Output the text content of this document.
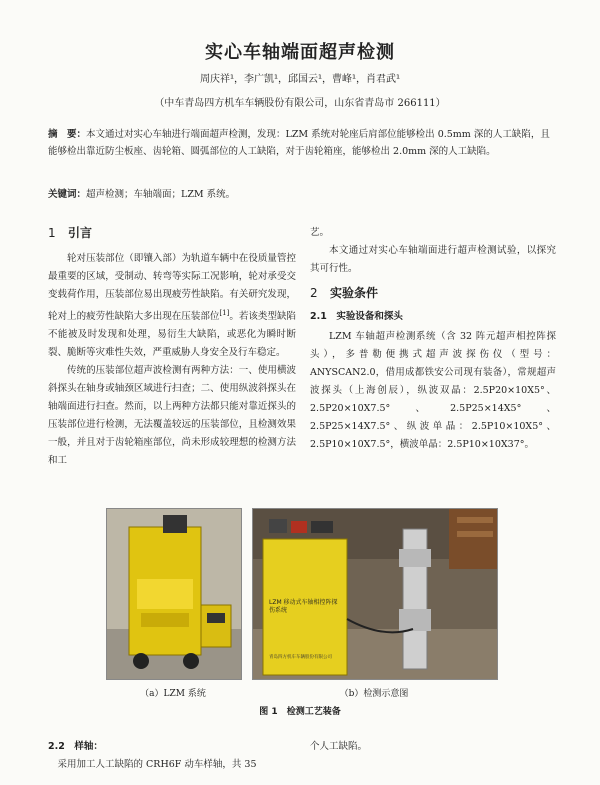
实心车轴端面超声检测
周庆祥¹，李广凯¹，邱国云¹，曹峰¹，肖君武¹
（中车青岛四方机车车辆股份有限公司，山东省青岛市 266111）
摘　要：本文通过对实心车轴进行端面超声检测，发现：LZM 系统对轮座后肩部位能够检出 0.5mm 深的人工缺陷，且能够检出靠近防尘板座、齿轮箱、圆弧部位的人工缺陷，对于齿轮箱座，能够检出 2.0mm 深的人工缺陷。
关键词：超声检测；车轴端面；LZM 系统。
1 引言

轮对压装部位（即镶入部）为轨道车辆中在役质量管控最重要的区域，受制动、转弯等实际工况影响，轮对承受交变载荷作用，压装部位易出现疲劳性缺陷。有关研究发现，轮对上的疲劳性缺陷大多出现在压装部位[1]。若该类型缺陷不能被及时发现和处理，易衍生大缺陷，或恶化为瞬时断裂、脆断等灾难性失效，严重威胁人身安全及行车稳定。

传统的压装部位超声波检测有两种方法：一、使用横波斜探头在轴身或轴颈区域进行扫查；二、使用纵波斜探头在轴端面进行扫查。然而，以上两种方法都只能对靠近探头的压装部位进行检测，无法覆盖较远的压装部位，且检测效果一般，并且对于齿轮箱座部位，尚未形成较理想的检测方法和工

艺。

本文通过对实心车轴端面进行超声检测试验，以探究其可行性。

2 实验条件
2.1　实验设备和探头

LZM 车轴超声检测系统（含 32 阵元超声相控阵探头），多普勒便携式超声波探伤仪（型号：ANYSCAN2.0，借用成都铁安公司现有装备），常规超声波探头（上海创辰），纵波双晶：2.5P20×10X5°、2.5P20×10X7.5°、2.5P25×14X5°、2.5P25×14X7.5°、纵波单晶：2.5P10×10X5°、2.5P10×10X7.5°，横波单晶：2.5P10×10X37°。

LZM 移动式车轴相控阵探伤系统
青岛四方机车车辆股份有限公司
（a）LZM 系统	（b）检测示意图
图 1　检测工艺装备
2.2　样轴：
采用加工人工缺陷的 CRH6F 动车样轴，共 35
个人工缺陷。
